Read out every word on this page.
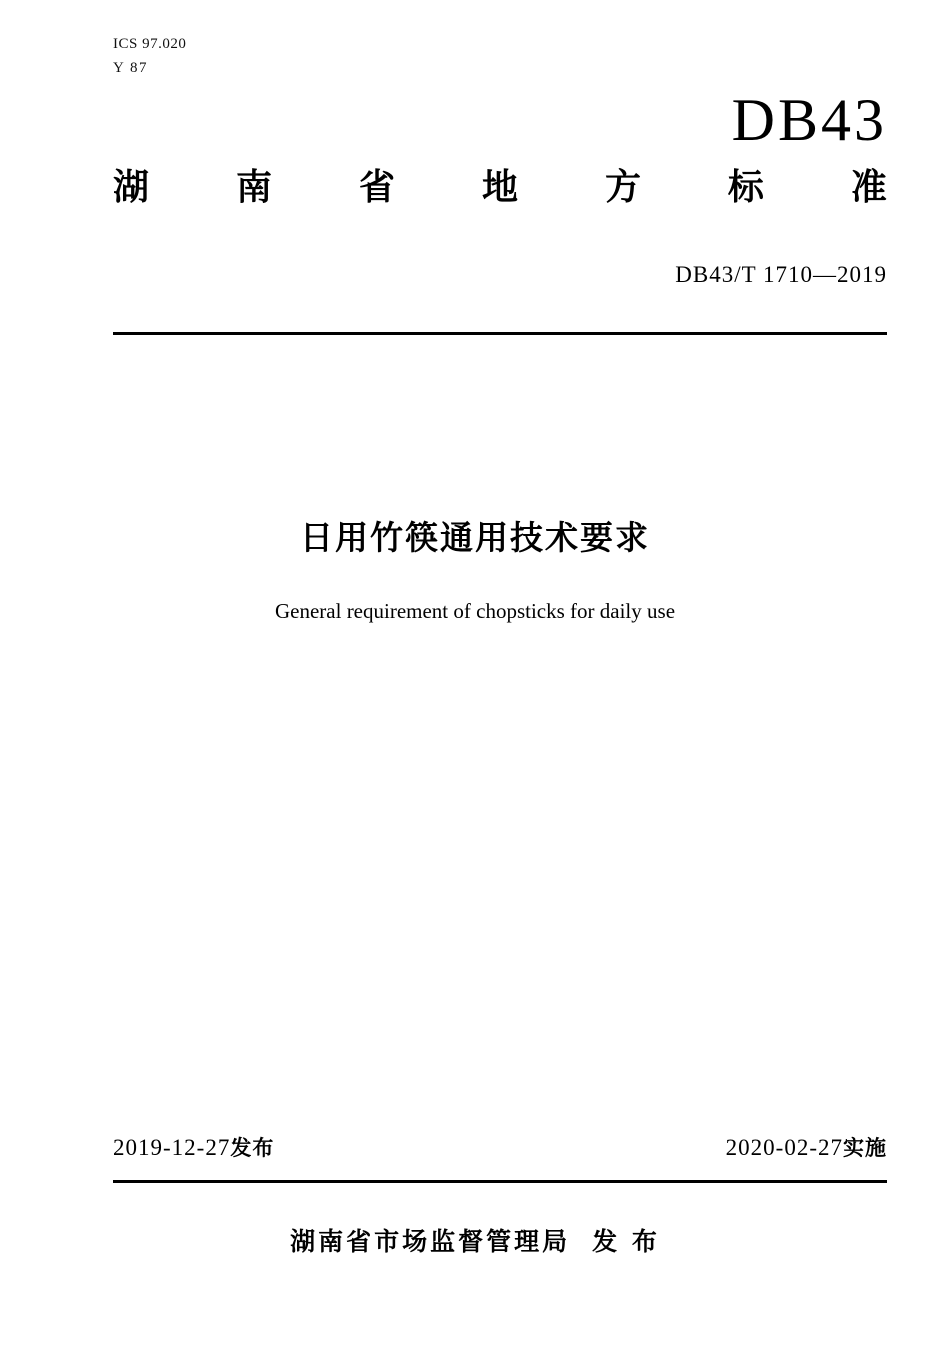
ICS 97.020
Y 87
DB43
湖 南 省 地 方 标 准
DB43/T 1710—2019
日用竹筷通用技术要求
General requirement of chopsticks for daily use
2019-12-27发布	2020-02-27实施
湖南省市场监督管理局 发 布
